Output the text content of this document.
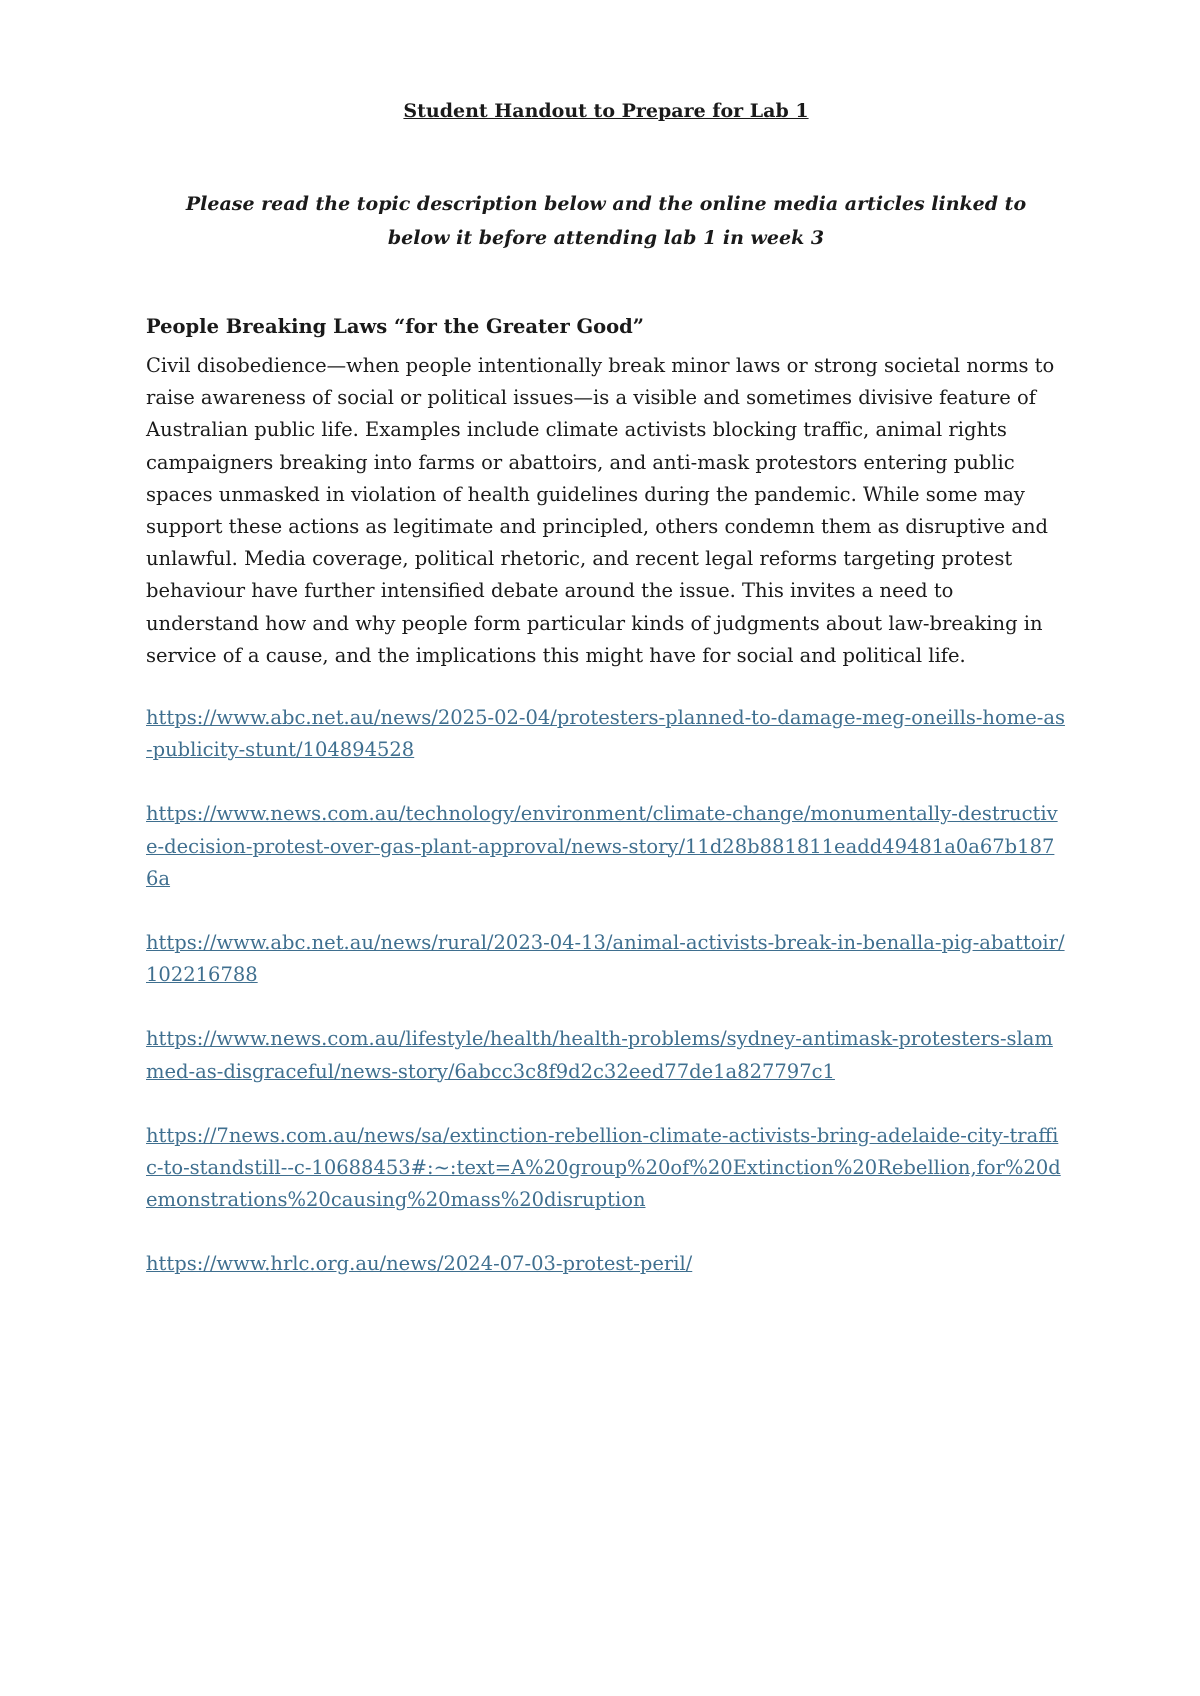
Student Handout to Prepare for Lab 1

Please read the topic description below and the online media articles linked to below it before attending lab 1 in week 3

People Breaking Laws “for the Greater Good”

Civil disobedience—when people intentionally break minor laws or strong societal norms to raise awareness of social or political issues—is a visible and sometimes divisive feature of Australian public life. Examples include climate activists blocking traffic, animal rights campaigners breaking into farms or abattoirs, and anti-mask protestors entering public spaces unmasked in violation of health guidelines during the pandemic. While some may support these actions as legitimate and principled, others condemn them as disruptive and unlawful. Media coverage, political rhetoric, and recent legal reforms targeting protest behaviour have further intensified debate around the issue. This invites a need to understand how and why people form particular kinds of judgments about law-breaking in service of a cause, and the implications this might have for social and political life.

https://www.abc.net.au/news/2025-02-04/protesters-planned-to-damage-meg-oneills-home-as-publicity-stunt/104894528
https://www.news.com.au/technology/environment/climate-change/monumentally-destructive-decision-protest-over-gas-plant-approval/news-story/11d28b881811eadd49481a0a67b1876a
https://www.abc.net.au/news/rural/2023-04-13/animal-activists-break-in-benalla-pig-abattoir/102216788
https://www.news.com.au/lifestyle/health/health-problems/sydney-antimask-protesters-slammed-as-disgraceful/news-story/6abcc3c8f9d2c32eed77de1a827797c1
https://7news.com.au/news/sa/extinction-rebellion-climate-activists-bring-adelaide-city-traffic-to-standstill--c-10688453#:~:text=A%20group%20of%20Extinction%20Rebellion,for%20demonstrations%20causing%20mass%20disruption
https://www.hrlc.org.au/news/2024-07-03-protest-peril/
